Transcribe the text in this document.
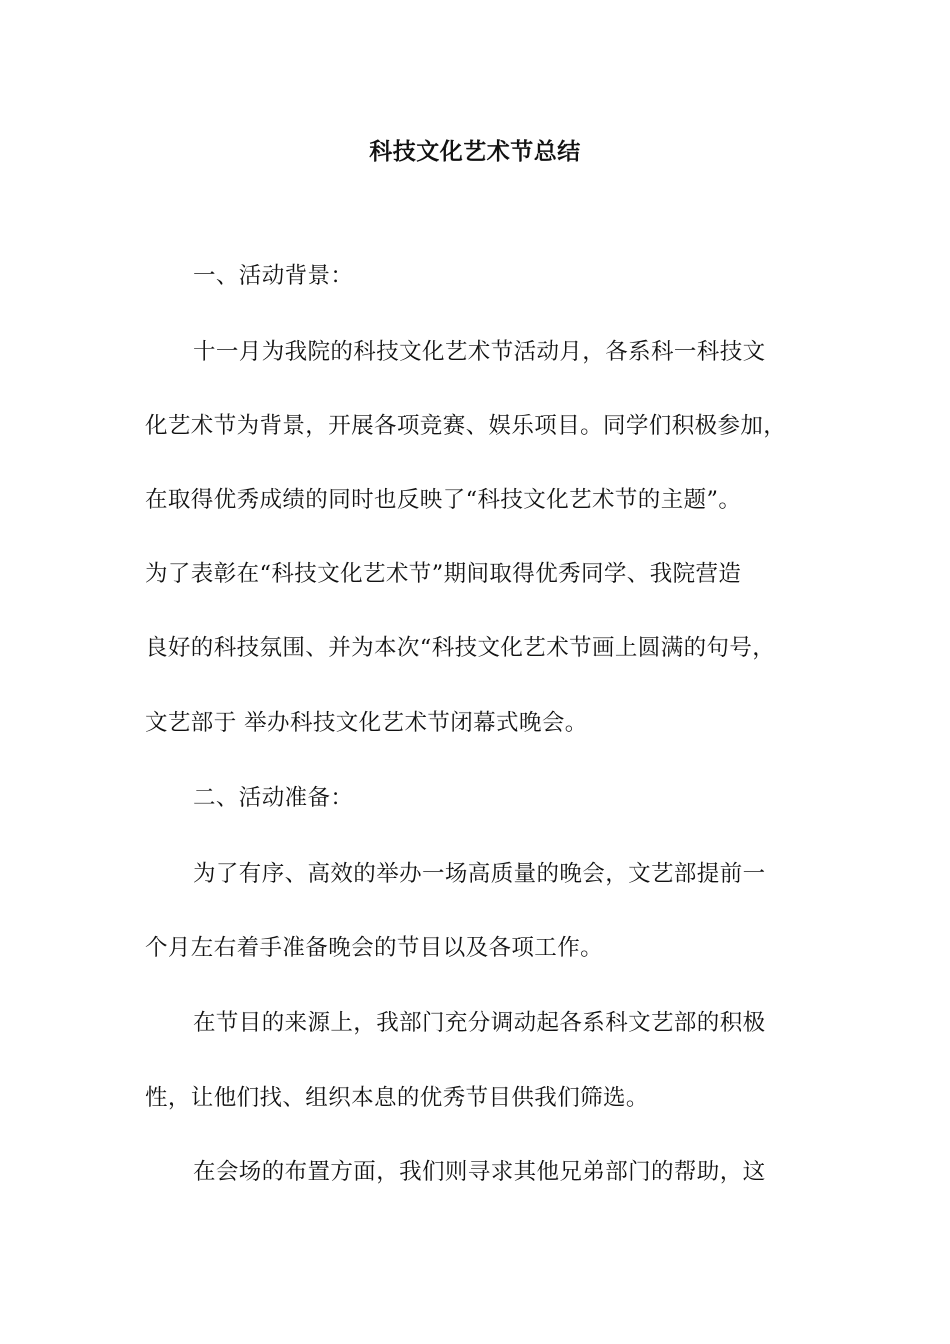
科技文化艺术节总结
一、活动背景：
十一月为我院的科技文化艺术节活动月，各系科一科技文
化艺术节为背景，开展各项竞赛、娱乐项目。同学们积极参加，
在取得优秀成绩的同时也反映了“科技文化艺术节的主题”。
为了表彰在“科技文化艺术节”期间取得优秀同学、我院营造
良好的科技氛围、并为本次“科技文化艺术节画上圆满的句号，
文艺部于 举办科技文化艺术节闭幕式晚会。
二、活动准备：
为了有序、高效的举办一场高质量的晚会，文艺部提前一
个月左右着手准备晚会的节目以及各项工作。
在节目的来源上，我部门充分调动起各系科文艺部的积极
性，让他们找、组织本息的优秀节目供我们筛选。
在会场的布置方面，我们则寻求其他兄弟部门的帮助，这
